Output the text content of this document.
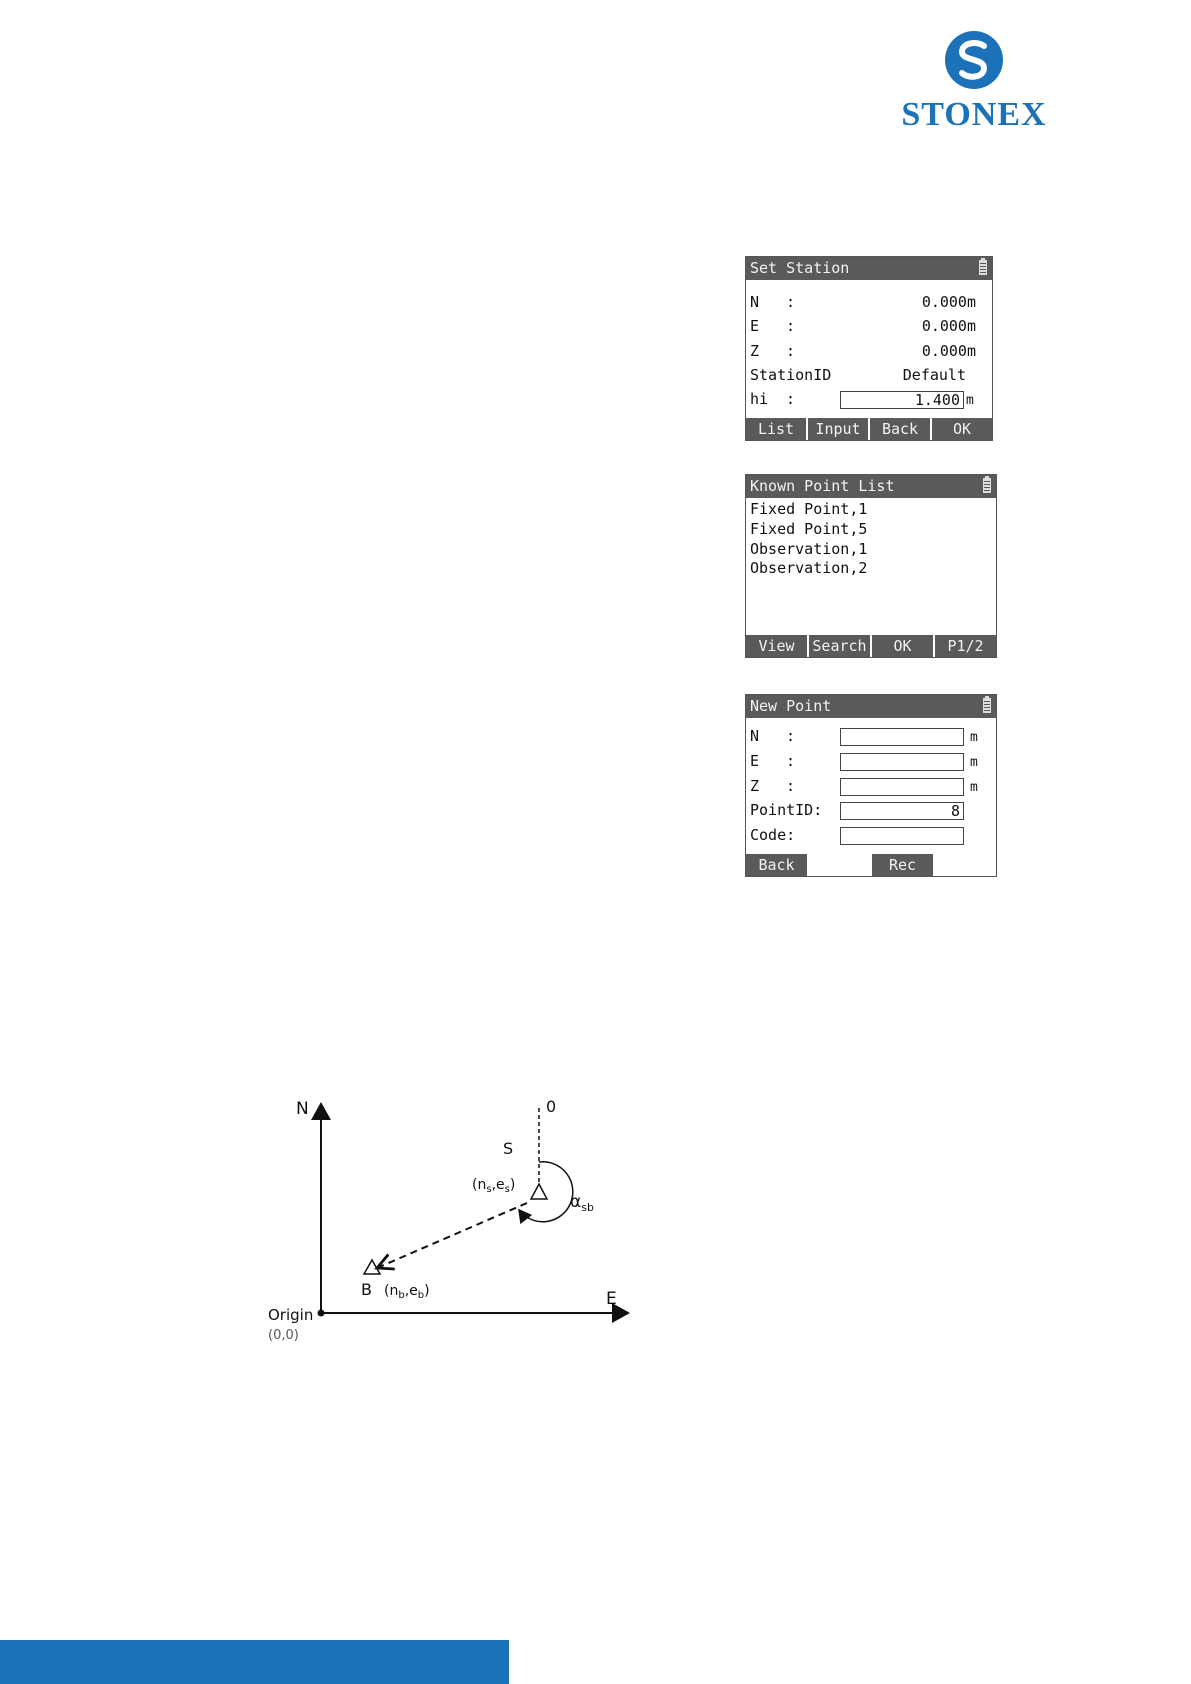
STONEX
Set Station
N :	0.000m
E :	0.000m
Z :	0.000m
StationID	Default
hi :	1.400 m
List	Input	Back	OK
Known Point List
Fixed Point,1
Fixed Point,5
Observation,1
Observation,2
View	Search	OK	P1/2
New Point
N :	m
E :	m
Z :	m
PointID:	8
Code:
Back	Rec
N
E
0
Origin
(0,0)
S
$(n_s,e_s)$
B $(n_b,e_b)$
$\alpha_{sb}$
